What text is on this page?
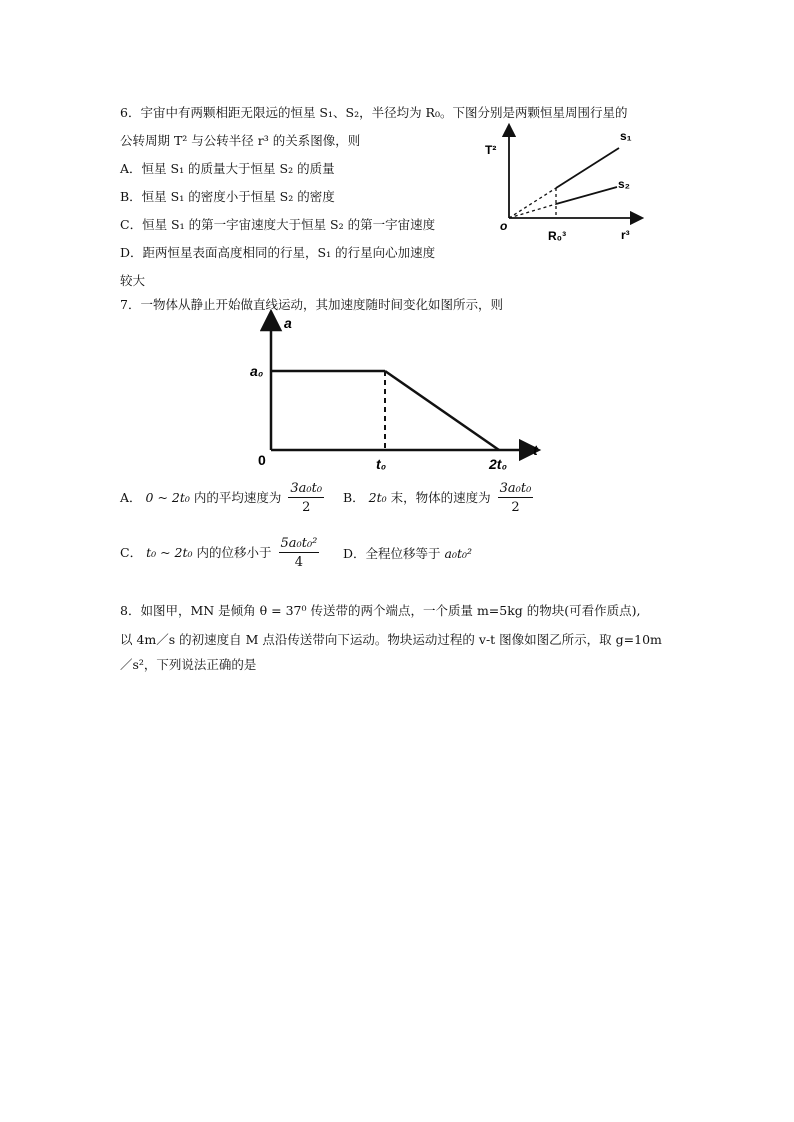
6．宇宙中有两颗相距无限远的恒星 S₁、S₂，半径均为 R₀。下图分别是两颗恒星周围行星的
公转周期 T² 与公转半径 r³ 的关系图像，则
A．恒星 S₁ 的质量大于恒星 S₂ 的质量
B．恒星 S₁ 的密度小于恒星 S₂ 的密度
C．恒星 S₁ 的第一宇宙速度大于恒星 S₂ 的第一宇宙速度
D．距两恒星表面高度相同的行星，S₁ 的行星向心加速度
较大
T²
r³
o
R₀³
s₁
s₂
7．一物体从静止开始做直线运动，其加速度随时间变化如图所示，则
a
t
0
a₀
t₀	2t₀
A． 0 ~ 2t₀ 内的平均速度为 $\frac{\text{3a₀t₀}}{2}$ B． 2t₀ 末，物体的速度为 $\frac{\text{3a₀t₀}}{2}$
C． t₀ ~ 2t₀ 内的位移小于 $\frac{\text{5a₀t₀²}}{4}$ D．全程位移等于 a₀t₀²
8．如图甲，MN 是倾角 θ = 37⁰ 传送带的两个端点，一个质量 m=5kg 的物块(可看作质点),
以 4m／s 的初速度自 M 点沿传送带向下运动。物块运动过程的 v-t 图像如图乙所示，取 g=10m
／s²，下列说法正确的是
